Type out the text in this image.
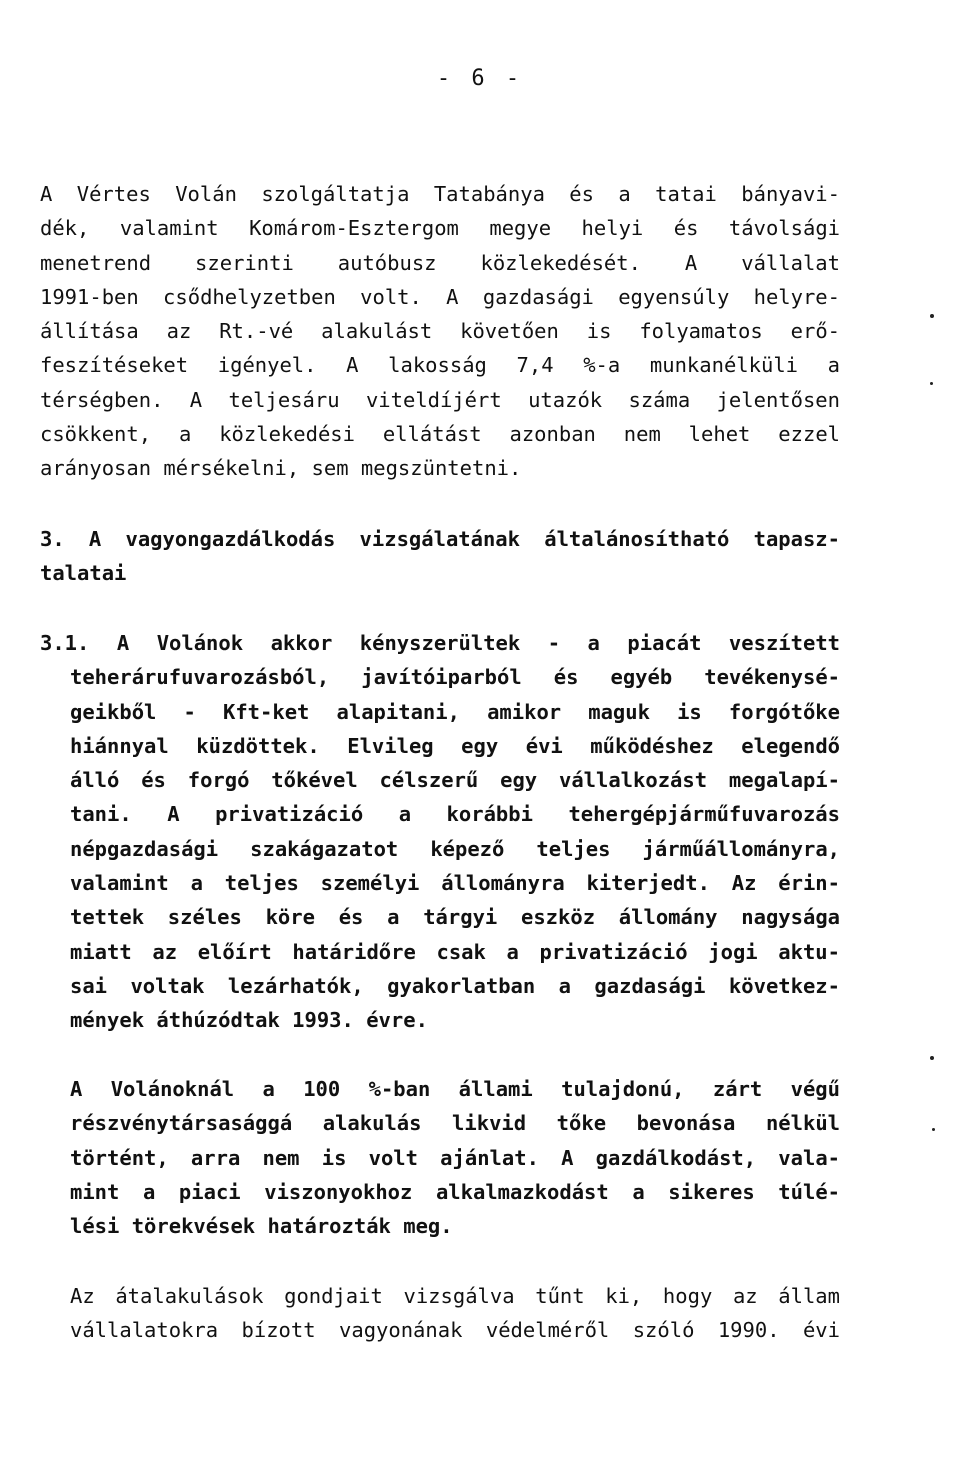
- 6 -
A Vértes Volán szolgáltatja Tatabánya és a tatai bányavi-
dék, valamint Komárom-Esztergom megye helyi és távolsági
menetrend szerinti autóbusz közlekedését. A vállalat
1991-ben csődhelyzetben volt. A gazdasági egyensúly helyre-
állítása az Rt.-vé alakulást követően is folyamatos erő-
feszítéseket igényel. A lakosság 7,4 %-a munkanélküli a
térségben. A teljesáru viteldíjért utazók száma jelentősen
csökkent, a közlekedési ellátást azonban nem lehet ezzel
arányosan mérsékelni, sem megszüntetni.
3. A vagyongazdálkodás vizsgálatának általánosítható tapasz-
talatai
3.1. A Volánok akkor kényszerültek - a piacát veszített
teherárufuvarozásból, javítóiparból és egyéb tevékenysé-
geikből - Kft-ket alapitani, amikor maguk is forgótőke
hiánnyal küzdöttek. Elvileg egy évi működéshez elegendő
álló és forgó tőkével célszerű egy vállalkozást megalapí-
tani. A privatizáció a korábbi tehergépjárműfuvarozás
népgazdasági szakágazatot képező teljes járműállományra,
valamint a teljes személyi állományra kiterjedt. Az érin-
tettek széles köre és a tárgyi eszköz állomány nagysága
miatt az előírt határidőre csak a privatizáció jogi aktu-
sai voltak lezárhatók, gyakorlatban a gazdasági következ-
mények áthúzódtak 1993. évre.
A Volánoknál a 100 %-ban állami tulajdonú, zárt végű
részvénytársasággá alakulás likvid tőke bevonása nélkül
történt, arra nem is volt ajánlat. A gazdálkodást, vala-
mint a piaci viszonyokhoz alkalmazkodást a sikeres túlé-
lési törekvések határozták meg.
Az átalakulások gondjait vizsgálva tűnt ki, hogy az állam
vállalatokra bízott vagyonának védelméről szóló 1990. évi
